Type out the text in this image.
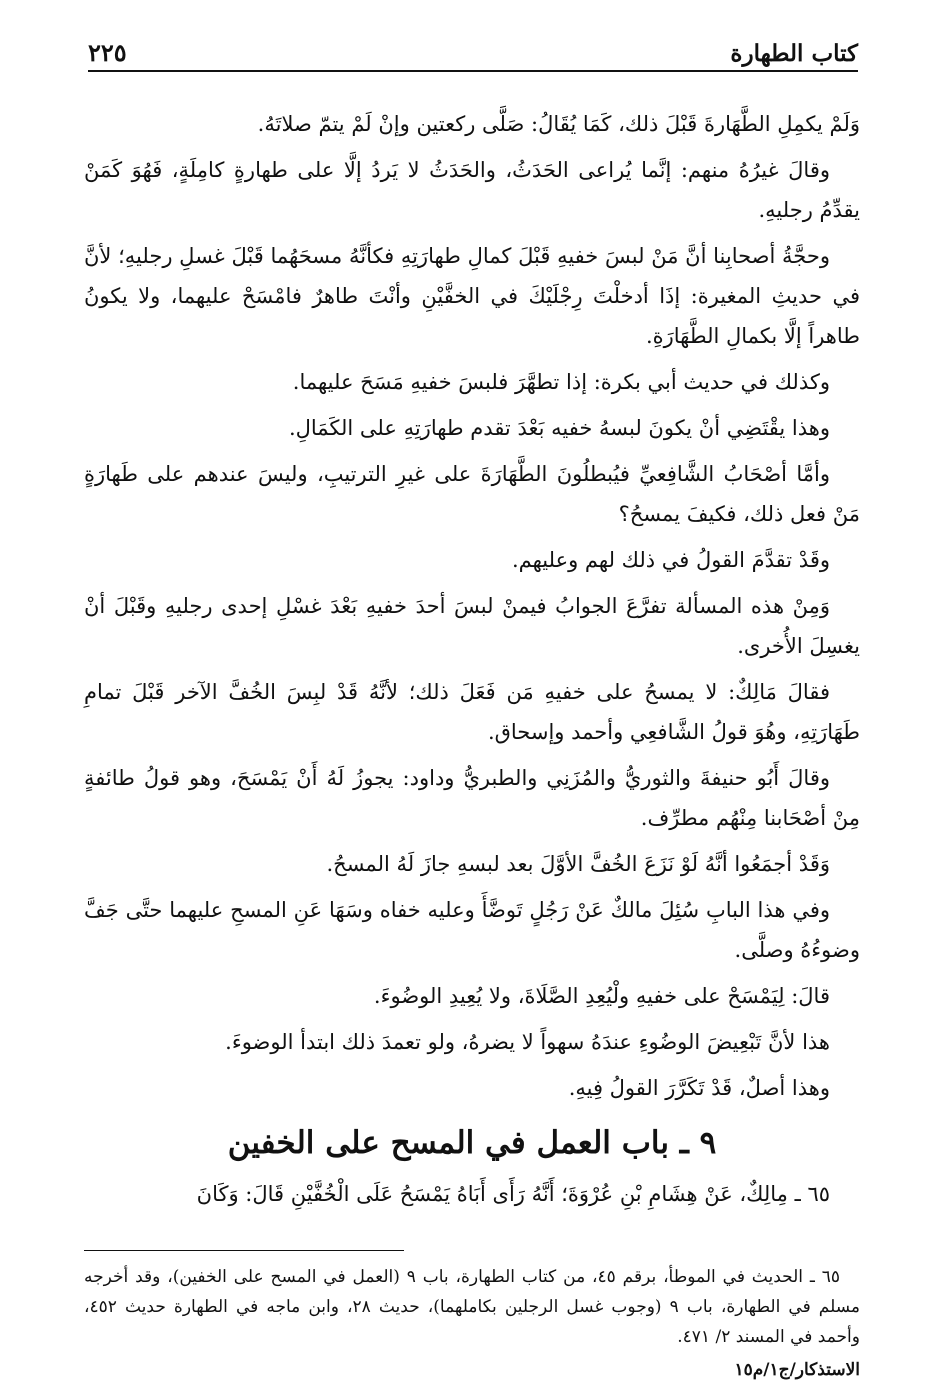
كتاب الطهارة
٢٢٥

وَلَمْ يكمِلِ الطَّهَارةَ قَبْلَ ذلك، كَمَا يُقَالُ: صَلَّى ركعتين وإنْ لَمْ يتمّ صلاتَهُ.

وقالَ غيرُهُ منهم: إنَّما يُراعى الحَدَثُ، والحَدَثُ لا يَردُ إلَّا على طهارةٍ كامِلَةٍ، فَهُوَ كَمَنْ يقدِّمُ رجليهِ.

وحجَّةُ أصحابِنا أنَّ مَنْ لبسَ خفيهِ قَبْلَ كمالِ طهارَتِهِ فكأنَّهُ مسحَهُما قَبْلَ غسلِ رجليهِ؛ لأنَّ في حديثِ المغيرة: إذَا أدخلْتَ رِجْلَيْكَ في الخفَّيْنِ وأنْتَ طاهرٌ فامْسَحْ عليهما، ولا يكونُ طاهراً إلَّا بكمالِ الطَّهَارَةِ.

وكذلك في حديث أبي بكرة: إذا تطهَّرَ فلبسَ خفيهِ مَسَحَ عليهما.

وهذا يقْتَضِي أنْ يكونَ لبسهُ خفيه بَعْدَ تقدم طهارَتِهِ على الكَمَالِ.

وأمَّا أصْحَابُ الشَّافِعيِّ فيُبطلُونَ الطَّهَارَةَ على غيرِ الترتيبِ، وليسَ عندهم على طَهارَةٍ مَنْ فعل ذلك، فكيفَ يمسحُ؟

وقَدْ تقدَّمَ القولُ في ذلك لهم وعليهم.

وَمِنْ هذه المسألة تفرَّعَ الجوابُ فيمنْ لبسَ أحدَ خفيهِ بَعْدَ غسْلِ إحدى رجليهِ وقَبْلَ أنْ يغسِلَ الأُخرى.

فقالَ مَالِكٌ: لا يمسحُ على خفيهِ مَن فَعَلَ ذلك؛ لأنَّهُ قَدْ لبِسَ الخُفَّ الآخر قَبْلَ تمامِ طَهَارَتِهِ، وهُوَ قولُ الشَّافعِي وأحمد وإسحاق.

وقالَ أَبُو حنيفةَ والثوريُّ والمُزَنِي والطبريُّ وداود: يجوزُ لَهُ أَنْ يَمْسَحَ، وهو قولُ طائفةٍ مِنْ أصْحَابنا مِنْهُم مطرِّف.

وَقَدْ أجمَعُوا أنَّهُ لَوْ نَزَعَ الخُفَّ الأوَّلَ بعد لبسهِ جازَ لَهُ المسحُ.

وفي هذا البابِ سُئِلَ مالكٌ عَنْ رَجُلٍ تَوضَّأَ وعليه خفاه وسَهَا عَنِ المسحِ عليهما حتَّى جَفَّ وضوءُهُ وصلَّى.

قالَ: لِيَمْسَحْ على خفيهِ ولْيُعِدِ الصَّلَاةَ، ولا يُعِيدِ الوضُوءَ.

هذا لأنَّ تَبْعِيضَ الوضُوءِ عندَهُ سهواً لا يضرهُ، ولو تعمدَ ذلك ابتدأ الوضوءَ.

وهذا أصلٌ، قَدْ تَكَرَّرَ القولُ فِيهِ.

٩ ـ باب العمل في المسح على الخفين

٦٥ ـ مِالِكٌ، عَنْ هِشَامِ بْنِ عُرْوَةَ؛ أَنَّهُ رَأَى أَبَاهُ يَمْسَحُ عَلَى الْخُفَّيْنِ قَالَ: وَكَانَ

٦٥ ـ الحديث في الموطأ، برقم ٤٥، من كتاب الطهارة، باب ٩ (العمل في المسح على الخفين)، وقد أخرجه مسلم في الطهارة، باب ٩ (وجوب غسل الرجلين بكاملهما)، حديث ٢٨، وابن ماجه في الطهارة حديث ٤٥٢، وأحمد في المسند ٢/ ٤٧١.

الاستذكار/ج١/م١٥
